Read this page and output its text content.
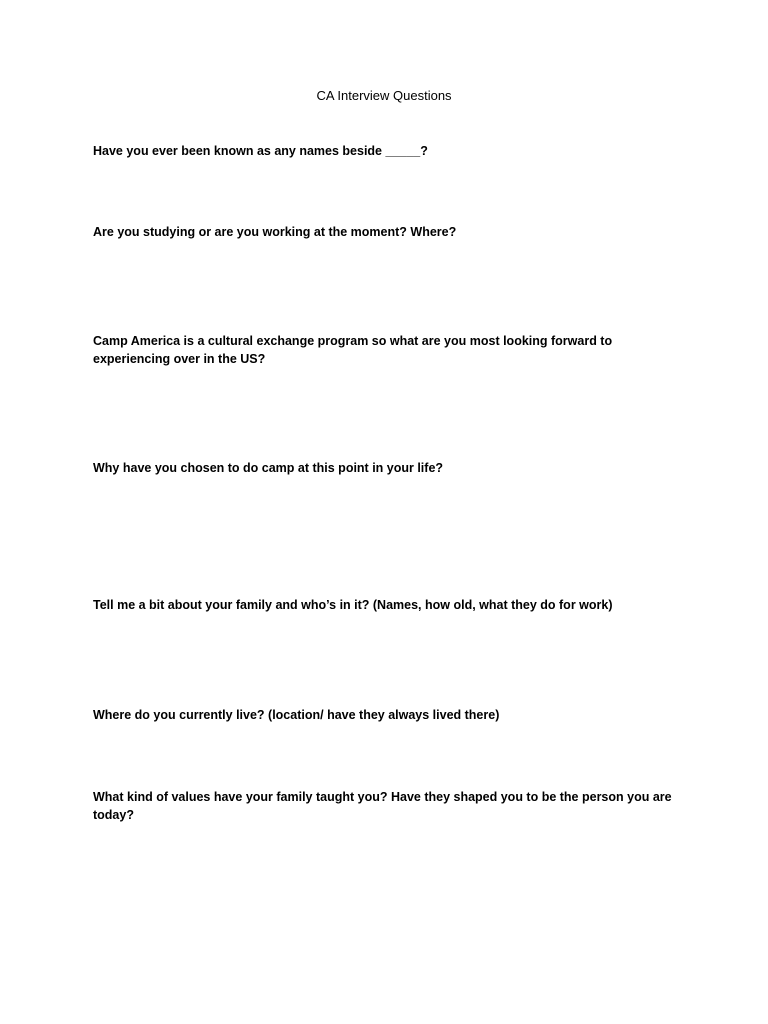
CA Interview Questions
Have you ever been known as any names beside _____?
Are you studying or are you working at the moment? Where?
Camp America is a cultural exchange program so what are you most looking forward to experiencing over in the US?
Why have you chosen to do camp at this point in your life?
Tell me a bit about your family and who’s in it? (Names, how old, what they do for work)
Where do you currently live? (location/ have they always lived there)
What kind of values have your family taught you? Have they shaped you to be the person you are today?
